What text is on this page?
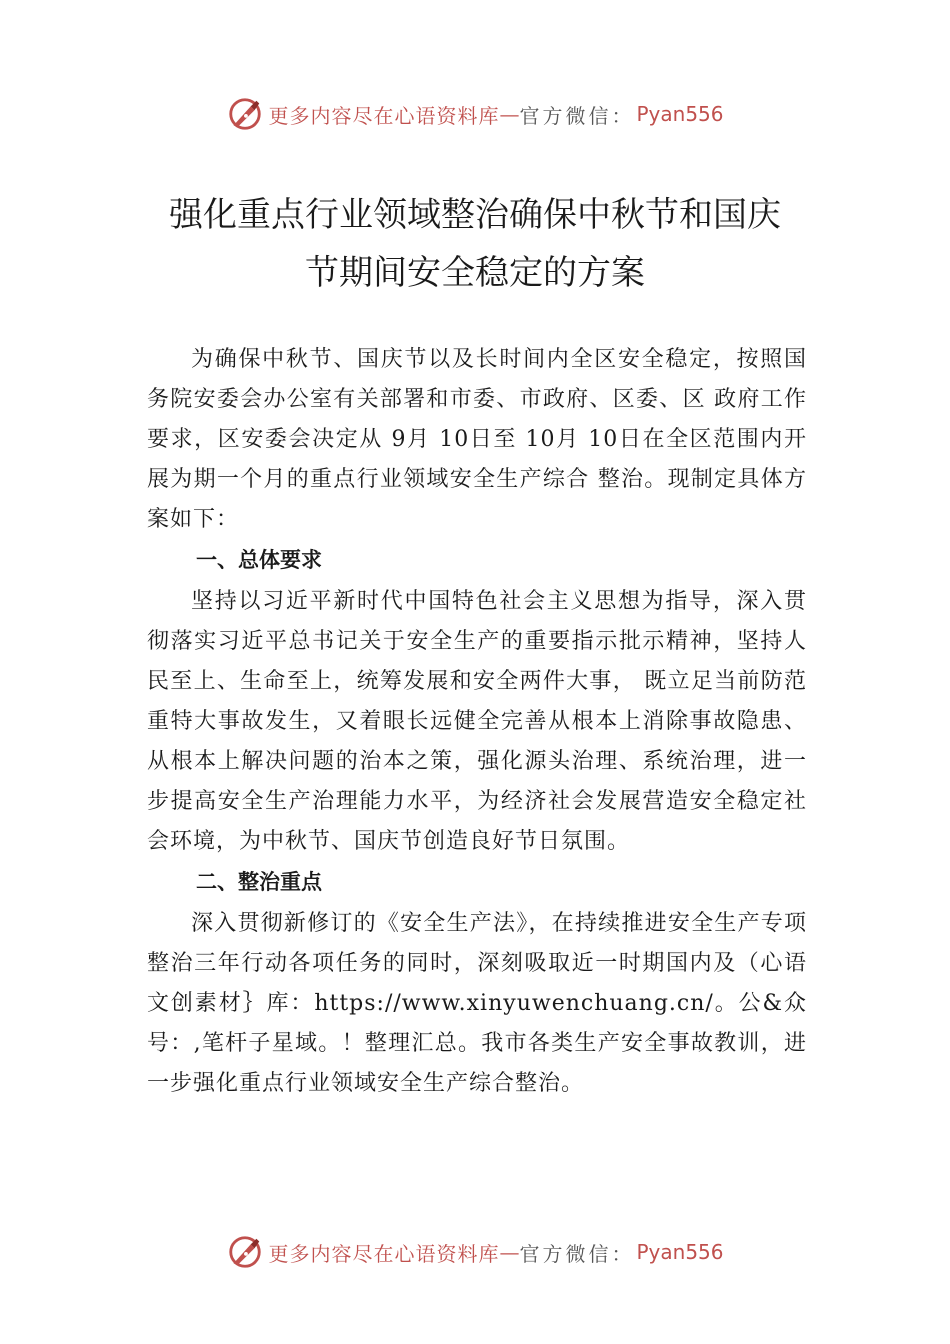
更多内容尽在心语资料库 — 官方微信： Pyan556
强化重点行业领域整治确保中秋节和国庆
节期间安全稳定的方案

为确保中秋节、国庆节以及长时间内全区安全稳定，按照国务院安委会办公室有关部署和市委、市政府、区委、区 政府工作要求，区安委会决定从 9月 10日至 10月 10日在全区范围内开展为期一个月的重点行业领域安全生产综合 整治。现制定具体方案如下：

一、总体要求

坚持以习近平新时代中国特色社会主义思想为指导，深入贯彻落实习近平总书记关于安全生产的重要指示批示精神，坚持人民至上、生命至上，统筹发展和安全两件大事， 既立足当前防范重特大事故发生，又着眼长远健全完善从根本上消除事故隐患、从根本上解决问题的治本之策，强化源头治理、系统治理，进一步提高安全生产治理能力水平，为经济社会发展营造安全稳定社会环境，为中秋节、国庆节创造良好节日氛围。

二、整治重点

深入贯彻新修订的《安全生产法》，在持续推进安全生产专项整治三年行动各项任务的同时，深刻吸取近一时期国内及（心语文创素材｝库：https://www.xinyuwenchuang.cn/。公&众号：,笔杆子星域。！整理汇总。我市各类生产安全事故教训，进一步强化重点行业领域安全生产综合整治。

更多内容尽在心语资料库 — 官方微信： Pyan556
